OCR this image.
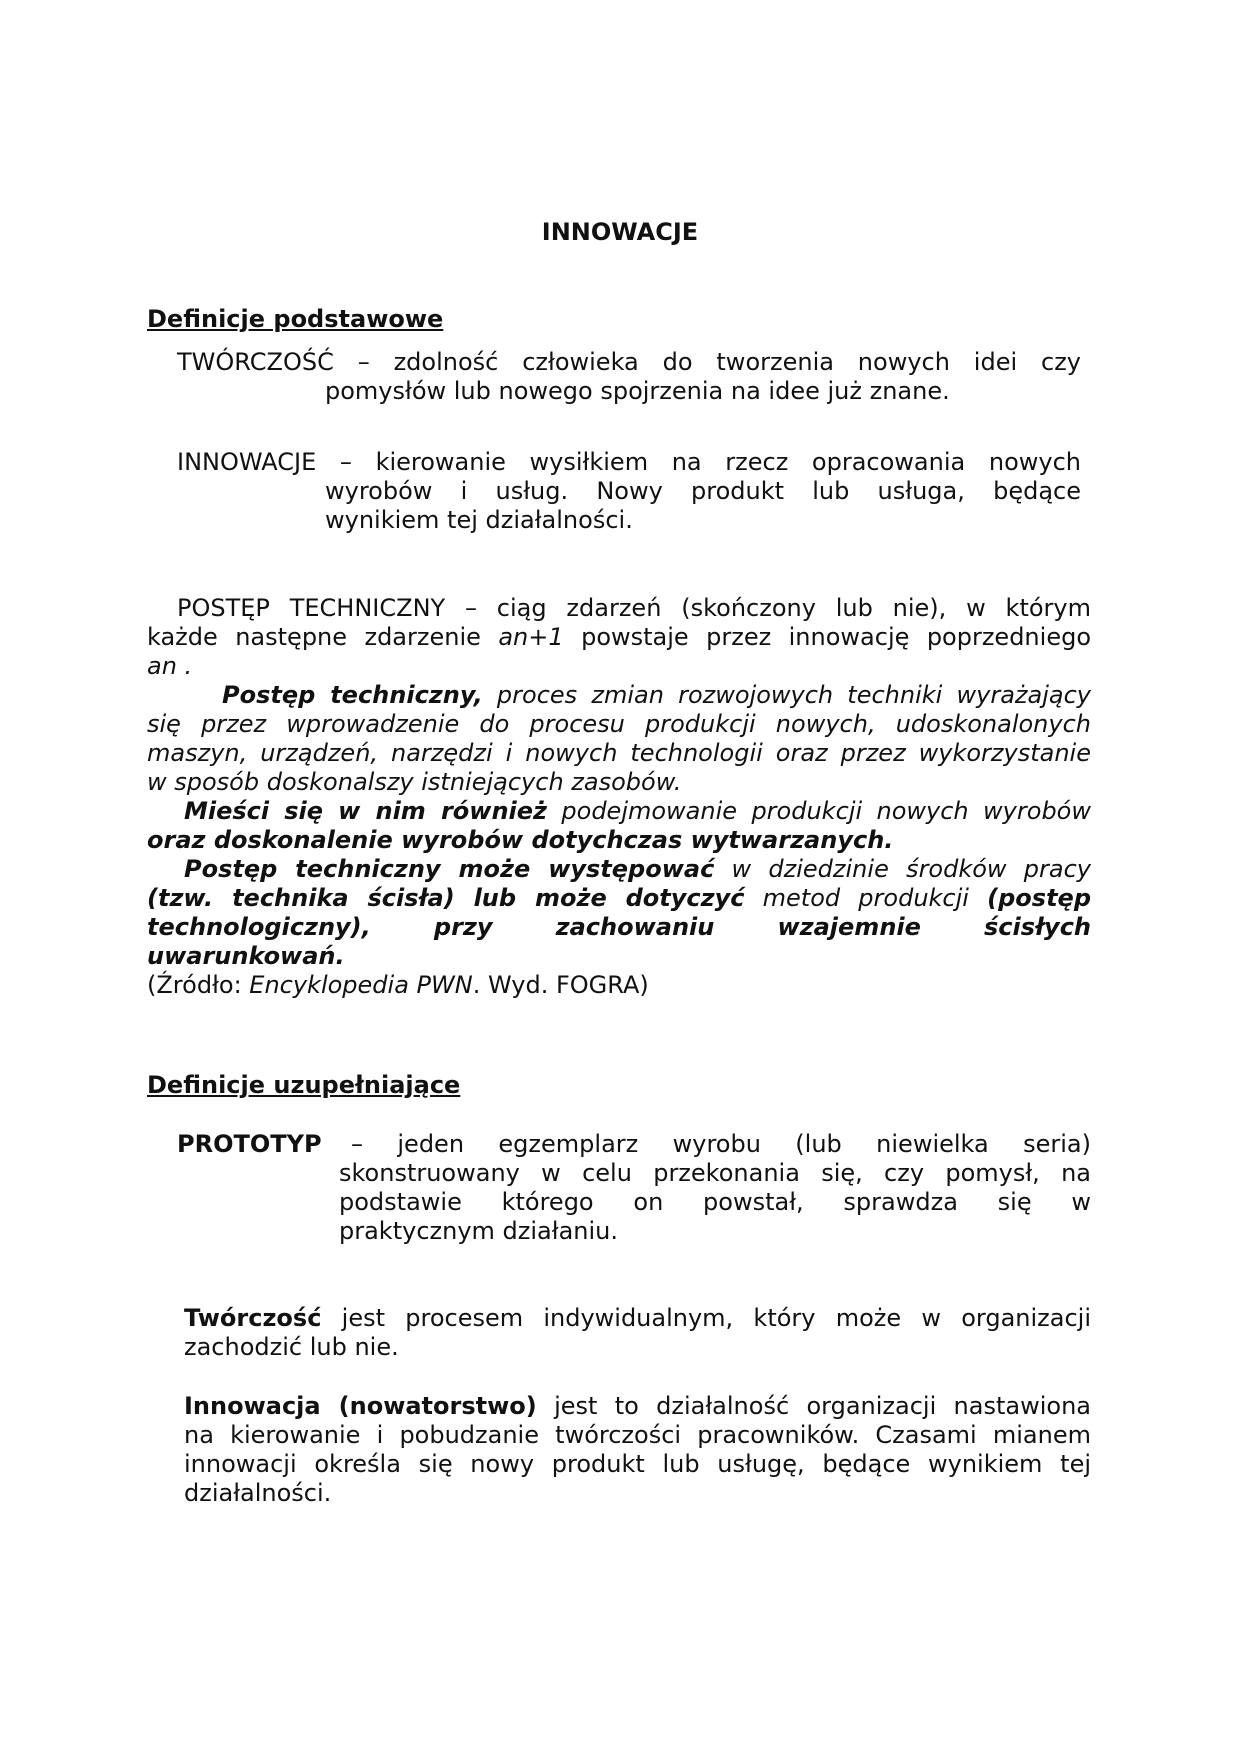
INNOWACJE
Definicje podstawowe
TWÓRCZOŚĆ – zdolność człowieka do tworzenia nowych idei czy
pomysłów lub nowego spojrzenia na idee już znane.
INNOWACJE – kierowanie wysiłkiem na rzecz opracowania nowych
wyrobów i usług. Nowy produkt lub usługa, będące
wynikiem tej działalności.
POSTĘP TECHNICZNY – ciąg zdarzeń (skończony lub nie), w którym
każde następne zdarzenie an+1 powstaje przez innowację poprzedniego
an .
Postęp techniczny, proces zmian rozwojowych techniki wyrażający
się przez wprowadzenie do procesu produkcji nowych, udoskonalonych
maszyn, urządzeń, narzędzi i nowych technologii oraz przez wykorzystanie
w sposób doskonalszy istniejących zasobów.
Mieści się w nim również podejmowanie produkcji nowych wyrobów
oraz doskonalenie wyrobów dotychczas wytwarzanych.
Postęp techniczny może występować w dziedzinie środków pracy
(tzw. technika ścisła) lub może dotyczyć metod produkcji (postęp
technologiczny), przy zachowaniu wzajemnie ścisłych
uwarunkowań.
(Źródło: Encyklopedia PWN. Wyd. FOGRA)
Definicje uzupełniające
PROTOTYP – jeden egzemplarz wyrobu (lub niewielka seria)
skonstruowany w celu przekonania się, czy pomysł, na
podstawie którego on powstał, sprawdza się w
praktycznym działaniu.
Twórczość jest procesem indywidualnym, który może w organizacji
zachodzić lub nie.
Innowacja (nowatorstwo) jest to działalność organizacji nastawiona
na kierowanie i pobudzanie twórczości pracowników. Czasami mianem
innowacji określa się nowy produkt lub usługę, będące wynikiem tej
działalności.
